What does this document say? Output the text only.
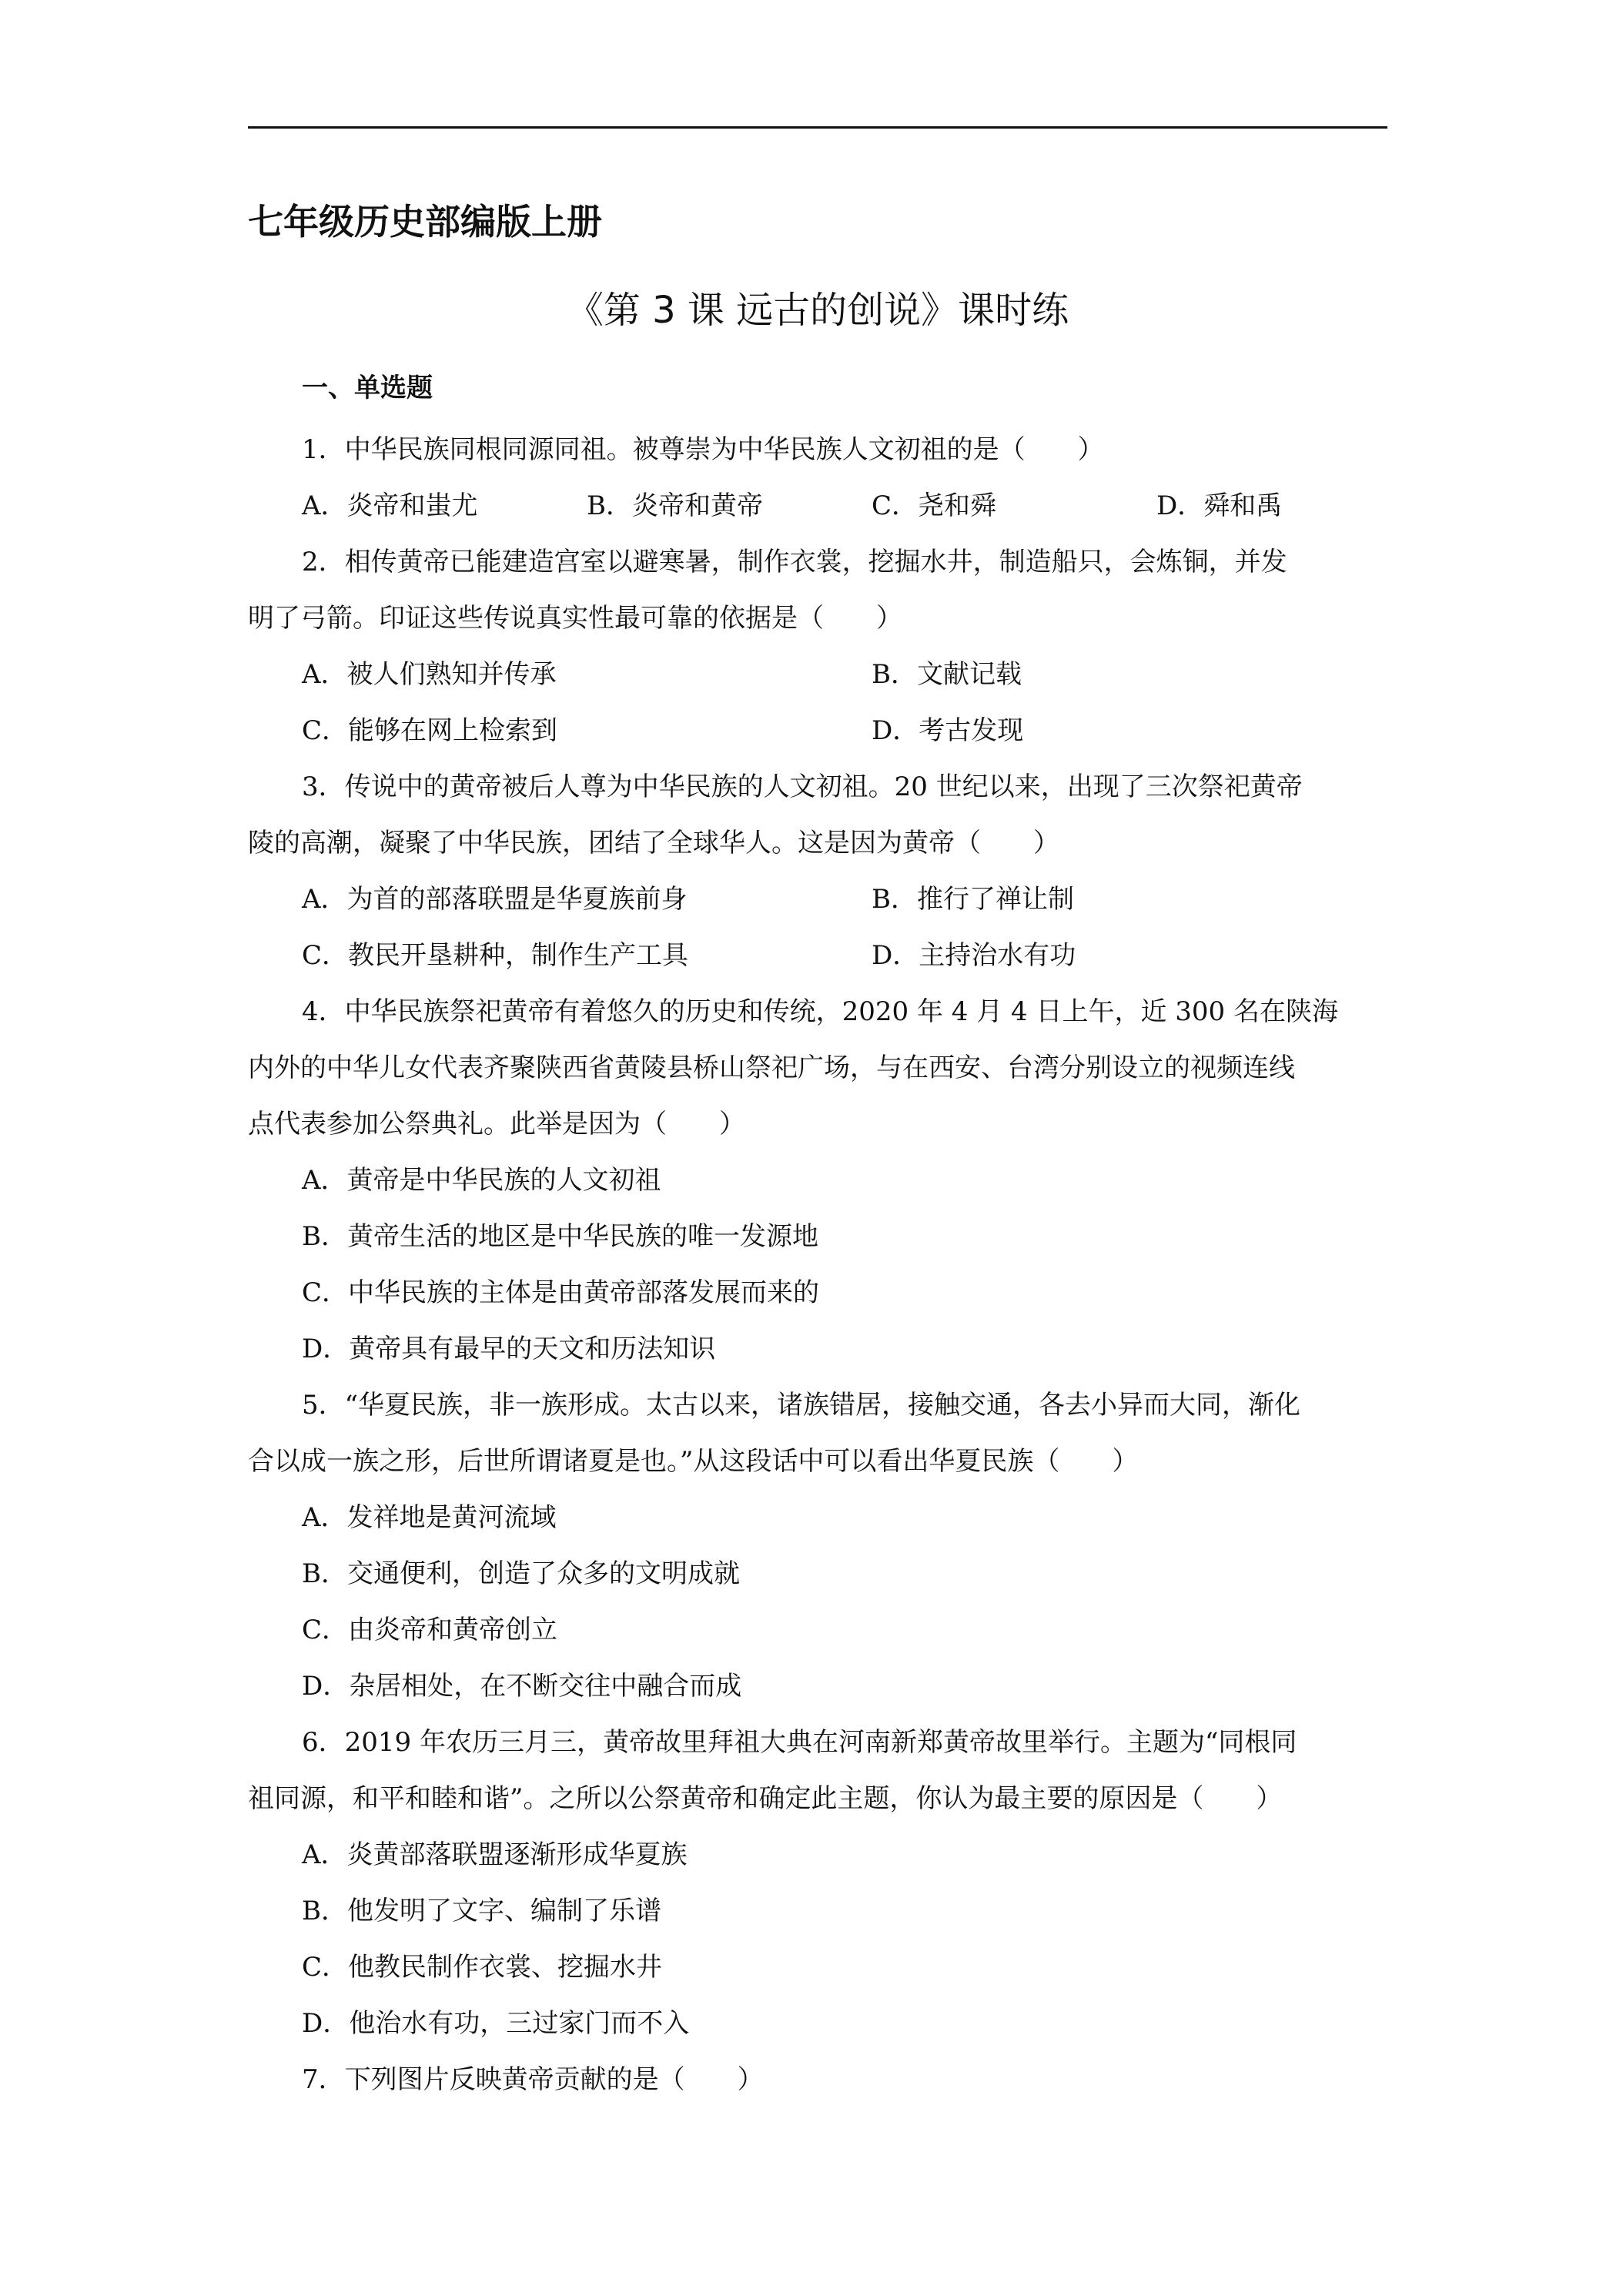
七年级历史部编版上册
《第 3 课 远古的创说》课时练
一、单选题
1．中华民族同根同源同祖。被尊崇为中华民族人文初祖的是（　　）
A．炎帝和蚩尤	B．炎帝和黄帝	C．尧和舜	D．舜和禹
2．相传黄帝已能建造宫室以避寒暑，制作衣裳，挖掘水井，制造船只，会炼铜，并发
明了弓箭。印证这些传说真实性最可靠的依据是（　　）
A．被人们熟知并传承	B．文献记载
C．能够在网上检索到	D．考古发现
3．传说中的黄帝被后人尊为中华民族的人文初祖。20 世纪以来，出现了三次祭祀黄帝
陵的高潮，凝聚了中华民族，团结了全球华人。这是因为黄帝（　　）
A．为首的部落联盟是华夏族前身	B．推行了禅让制
C．教民开垦耕种，制作生产工具	D．主持治水有功
4．中华民族祭祀黄帝有着悠久的历史和传统，2020 年 4 月 4 日上午，近 300 名在陕海
内外的中华儿女代表齐聚陕西省黄陵县桥山祭祀广场，与在西安、台湾分别设立的视频连线
点代表参加公祭典礼。此举是因为（　　）
A．黄帝是中华民族的人文初祖
B．黄帝生活的地区是中华民族的唯一发源地
C．中华民族的主体是由黄帝部落发展而来的
D．黄帝具有最早的天文和历法知识
5．“华夏民族，非一族形成。太古以来，诸族错居，接触交通，各去小异而大同，渐化
合以成一族之形，后世所谓诸夏是也。”从这段话中可以看出华夏民族（　　）
A．发祥地是黄河流域
B．交通便利，创造了众多的文明成就
C．由炎帝和黄帝创立
D．杂居相处，在不断交往中融合而成
6．2019 年农历三月三，黄帝故里拜祖大典在河南新郑黄帝故里举行。主题为“同根同
祖同源，和平和睦和谐”。之所以公祭黄帝和确定此主题，你认为最主要的原因是（　　）
A．炎黄部落联盟逐渐形成华夏族
B．他发明了文字、编制了乐谱
C．他教民制作衣裳、挖掘水井
D．他治水有功，三过家门而不入
7．下列图片反映黄帝贡献的是（　　）
